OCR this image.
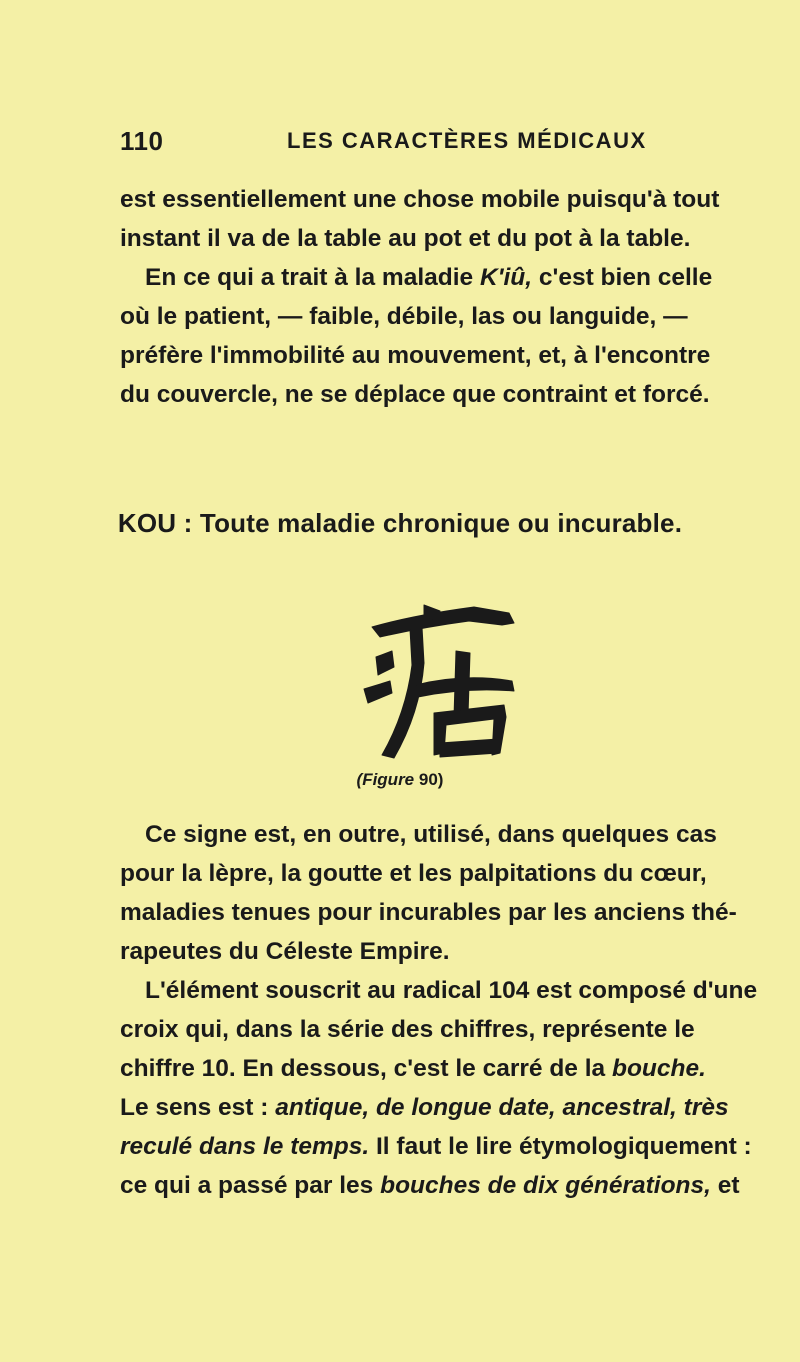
110	LES CARACTÈRES MÉDICAUX
est essentiellement une chose mobile puisqu'à tout
instant il va de la table au pot et du pot à la table.
En ce qui a trait à la maladie K'iû, c'est bien celle
où le patient, — faible, débile, las ou languide, —
préfère l'immobilité au mouvement, et, à l'encontre
du couvercle, ne se déplace que contraint et forcé.
KOU : Toute maladie chronique ou incurable.
(Figure 90)
Ce signe est, en outre, utilisé, dans quelques cas
pour la lèpre, la goutte et les palpitations du cœur,
maladies tenues pour incurables par les anciens thé-
rapeutes du Céleste Empire.
L'élément souscrit au radical 104 est composé d'une
croix qui, dans la série des chiffres, représente le
chiffre 10. En dessous, c'est le carré de la bouche.
Le sens est : antique, de longue date, ancestral, très
reculé dans le temps. Il faut le lire étymologiquement :
ce qui a passé par les bouches de dix générations, et
